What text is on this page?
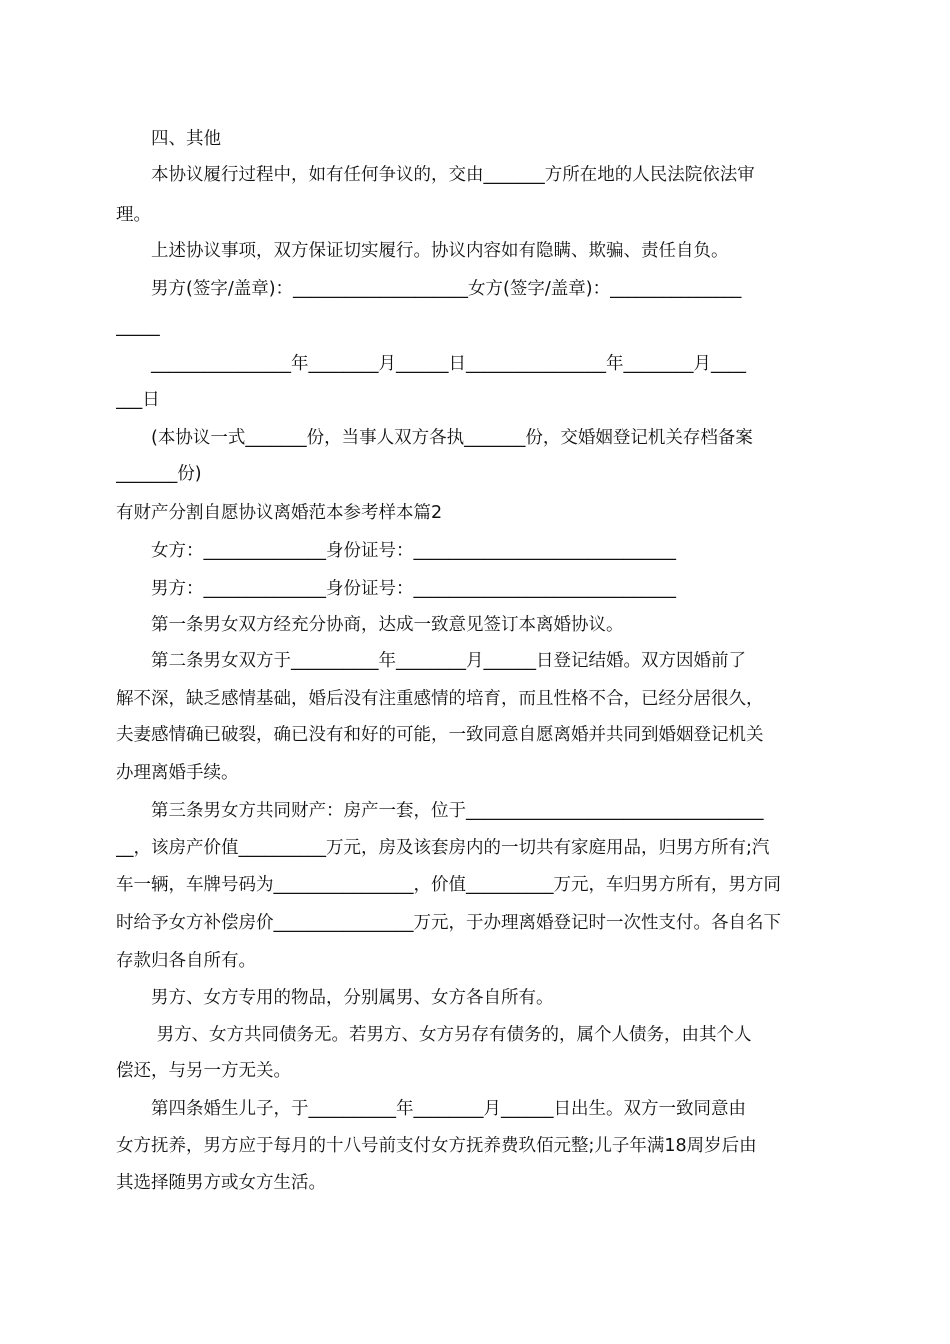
　　四、其他
　　本协议履行过程中，如有任何争议的，交由_______方所在地的人民法院依法审
理。
　　上述协议事项，双方保证切实履行。协议内容如有隐瞒、欺骗、责任自负。
　　男方(签字/盖章)：____________________女方(签字/盖章)：_______________
_____
　　________________年________月______日________________年________月____
___日
　　(本协议一式_______份，当事人双方各执_______份，交婚姻登记机关存档备案
_______份)
有财产分割自愿协议离婚范本参考样本篇2
　　女方：______________身份证号：______________________________
　　男方：______________身份证号：______________________________
　　第一条男女双方经充分协商，达成一致意见签订本离婚协议。
　　第二条男女双方于__________年________月______日登记结婚。双方因婚前了
解不深，缺乏感情基础，婚后没有注重感情的培育，而且性格不合，已经分居很久，
夫妻感情确已破裂，确已没有和好的可能，一致同意自愿离婚并共同到婚姻登记机关
办理离婚手续。
　　第三条男女方共同财产：房产一套，位于__________________________________
__，该房产价值__________万元，房及该套房内的一切共有家庭用品，归男方所有;汽
车一辆，车牌号码为________________，价值__________万元，车归男方所有，男方同
时给予女方补偿房价________________万元，于办理离婚登记时一次性支付。各自名下
存款归各自所有。
　　男方、女方专用的物品，分别属男、女方各自所有。
　　 男方、女方共同债务无。若男方、女方另存有债务的，属个人债务，由其个人
偿还，与另一方无关。
　　第四条婚生儿子，于__________年________月______日出生。双方一致同意由
女方抚养，男方应于每月的十八号前支付女方抚养费玖佰元整;儿子年满18周岁后由
其选择随男方或女方生活。
